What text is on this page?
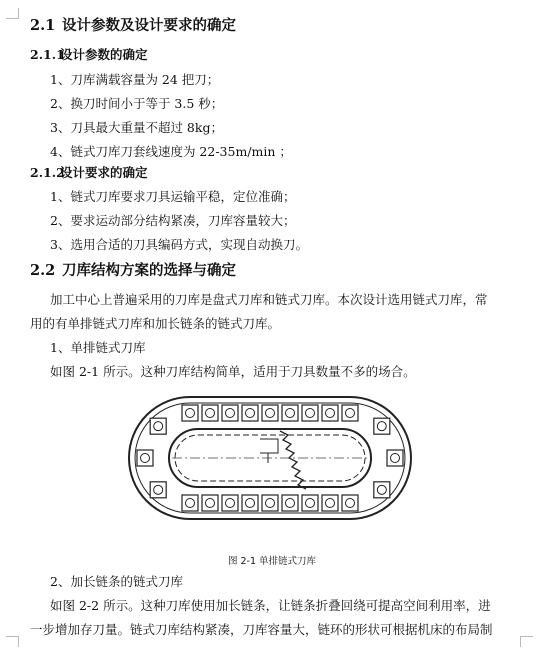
2.1 设计参数及设计要求的确定
2.1.1设计参数的确定
1、刀库满载容量为 24 把刀；
2、换刀时间小于等于 3.5 秒；
3、刀具最大重量不超过 8kg；
4、链式刀库刀套线速度为 22-35m/min ；
2.1.2设计要求的确定
1、链式刀库要求刀具运输平稳，定位准确；
2、要求运动部分结构紧凑，刀库容量较大；
3、选用合适的刀具编码方式，实现自动换刀。
2.2 刀库结构方案的选择与确定
加工中心上普遍采用的刀库是盘式刀库和链式刀库。本次设计选用链式刀库，常
用的有单排链式刀库和加长链条的链式刀库。
1、单排链式刀库
如图 2-1 所示。这种刀库结构简单，适用于刀具数量不多的场合。
图 2-1 单排链式刀库
2、加长链条的链式刀库
如图 2-2 所示。这种刀库使用加长链条，让链条折叠回绕可提高空间利用率，进
一步增加存刀量。链式刀库结构紧凑，刀库容量大，链环的形状可根据机床的布局制
